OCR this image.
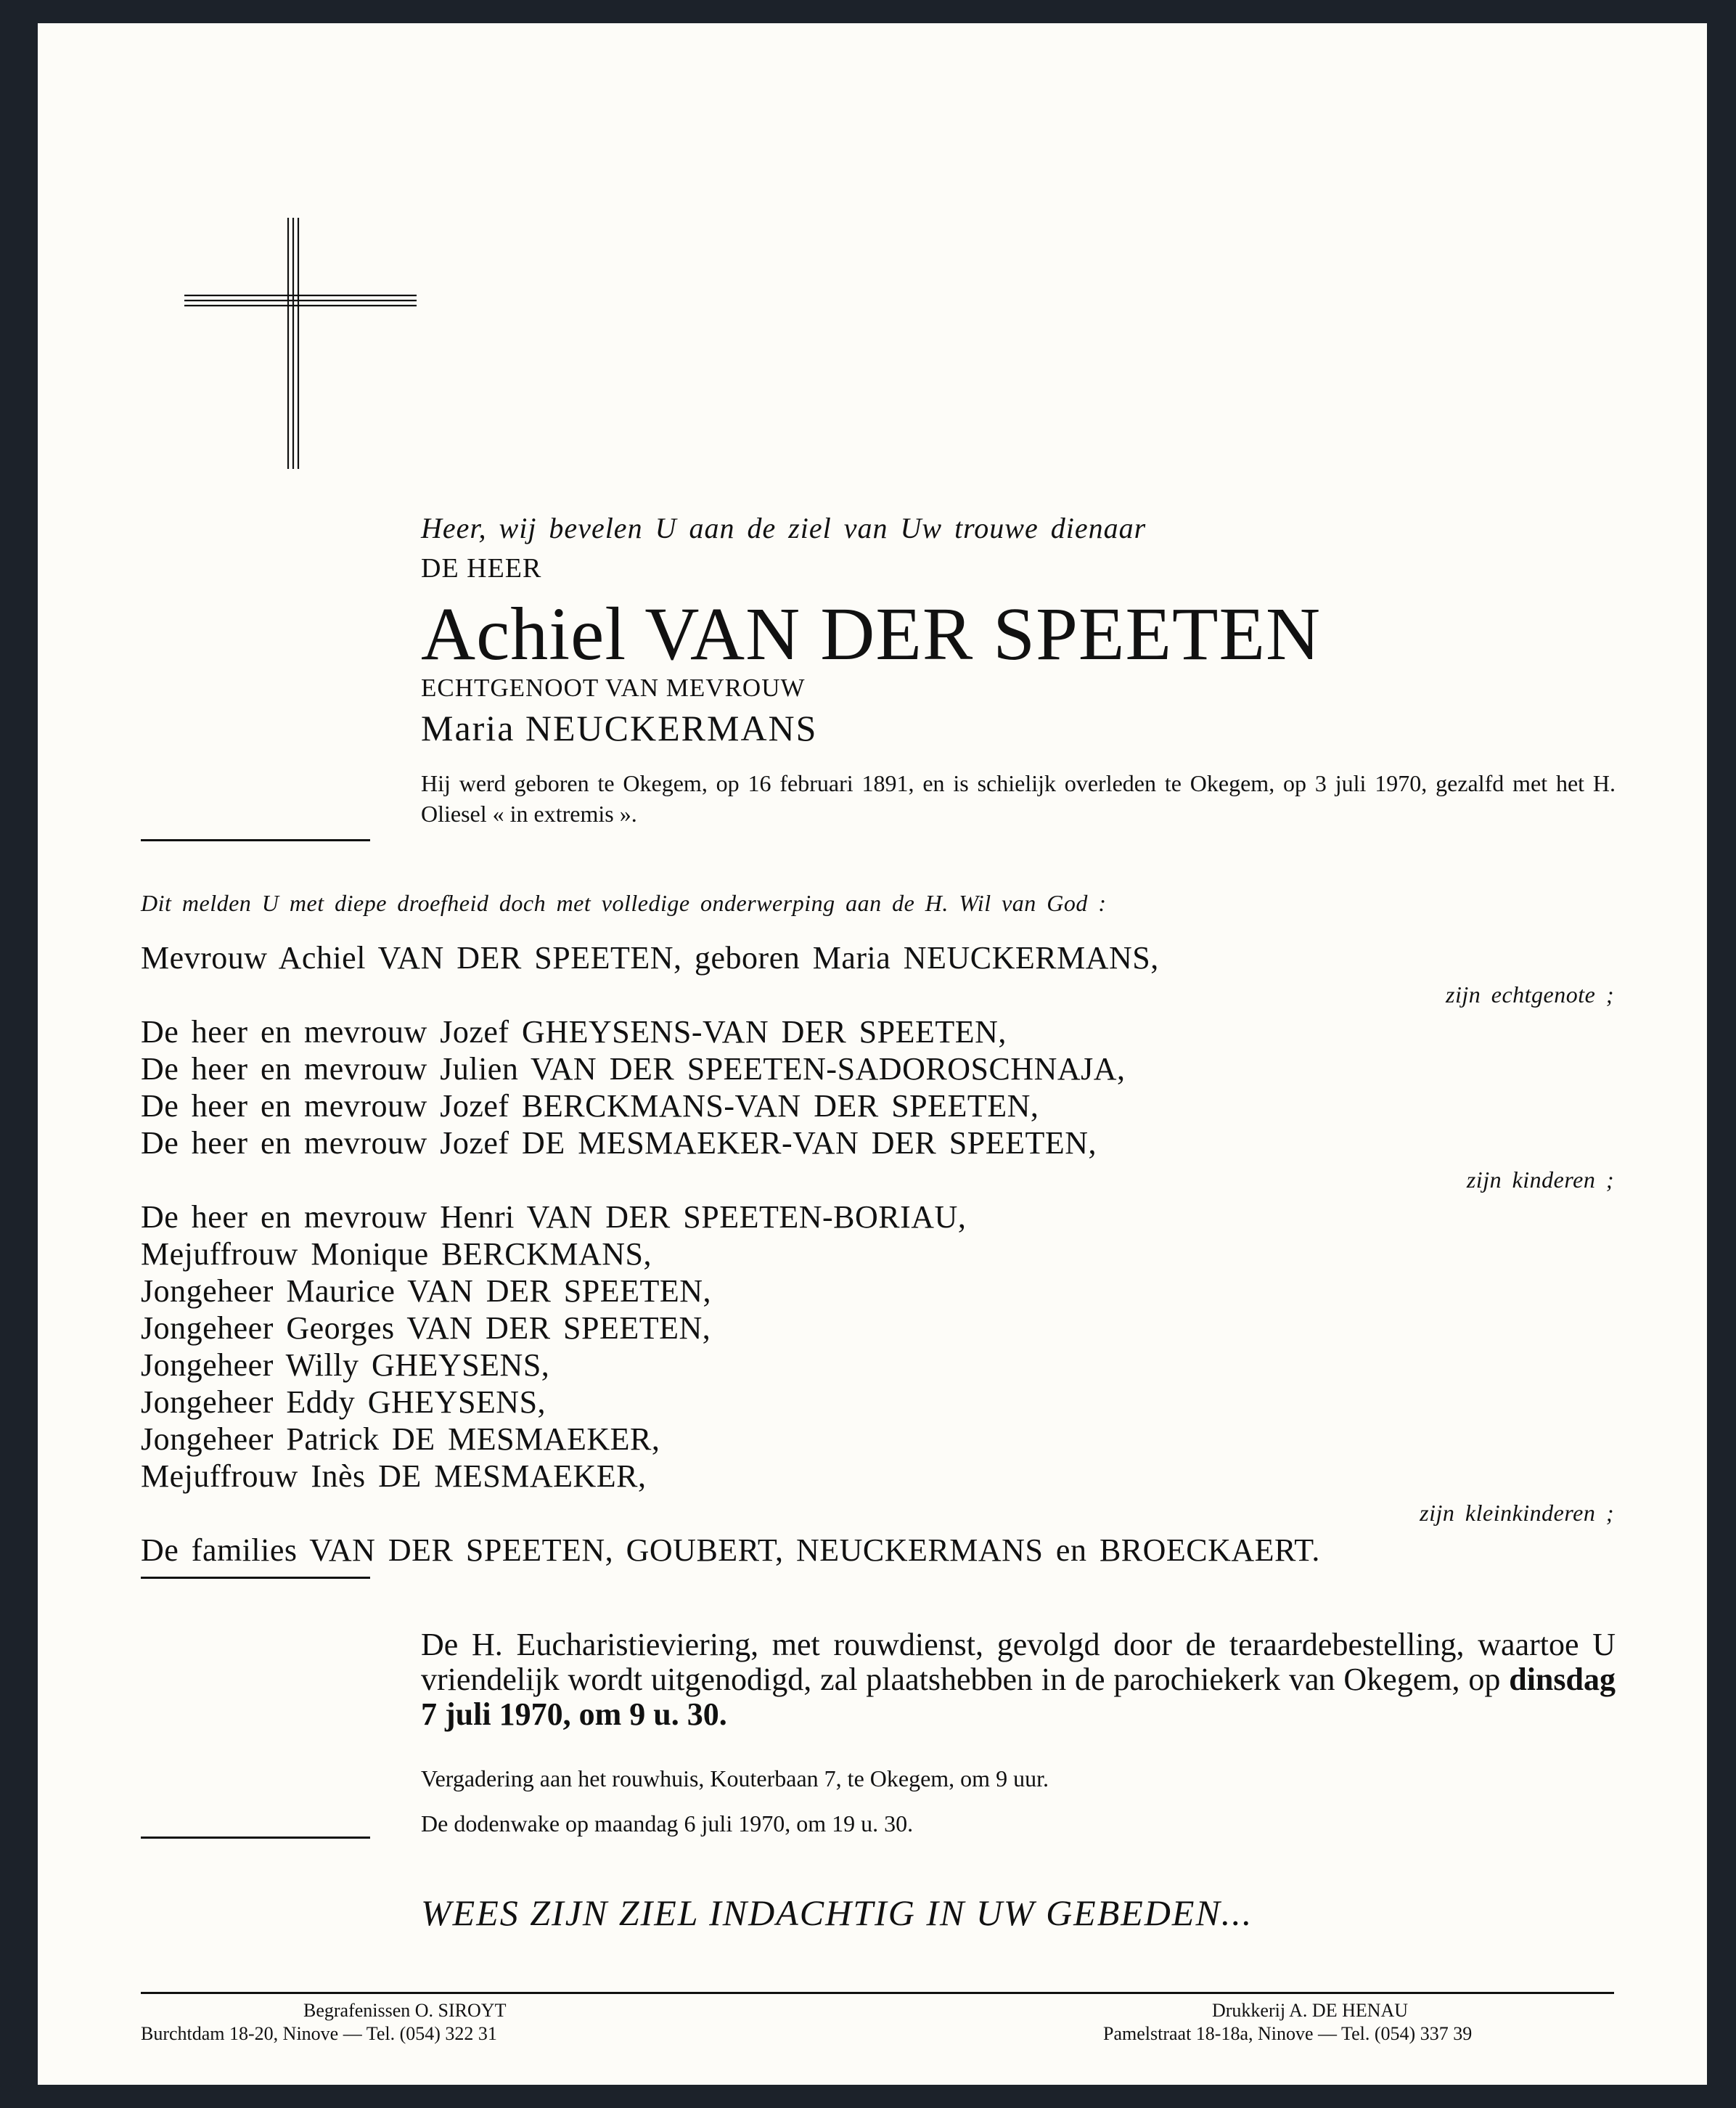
Heer, wij bevelen U aan de ziel van Uw trouwe dienaar
DE HEER
Achiel VAN DER SPEETEN
ECHTGENOOT VAN MEVROUW
Maria NEUCKERMANS
Hij werd geboren te Okegem, op 16 februari 1891, en is schielijk overleden te Okegem, op 3 juli 1970, gezalfd met het H. Oliesel « in extremis ».
Dit melden U met diepe droefheid doch met volledige onderwerping aan de H. Wil van God :
Mevrouw Achiel VAN DER SPEETEN, geboren Maria NEUCKERMANS,
zijn echtgenote ;
De heer en mevrouw Jozef GHEYSENS-VAN DER SPEETEN,
De heer en mevrouw Julien VAN DER SPEETEN-SADOROSCHNAJA,
De heer en mevrouw Jozef BERCKMANS-VAN DER SPEETEN,
De heer en mevrouw Jozef DE MESMAEKER-VAN DER SPEETEN,
zijn kinderen ;
De heer en mevrouw Henri VAN DER SPEETEN-BORIAU,
Mejuffrouw Monique BERCKMANS,
Jongeheer Maurice VAN DER SPEETEN,
Jongeheer Georges VAN DER SPEETEN,
Jongeheer Willy GHEYSENS,
Jongeheer Eddy GHEYSENS,
Jongeheer Patrick DE MESMAEKER,
Mejuffrouw Inès DE MESMAEKER,
zijn kleinkinderen ;
De families VAN DER SPEETEN, GOUBERT, NEUCKERMANS en BROECKAERT.
De H. Eucharistieviering, met rouwdienst, gevolgd door de teraardebestelling, waartoe U vriendelijk wordt uitgenodigd, zal plaatshebben in de parochiekerk van Okegem, op dinsdag 7 juli 1970, om 9 u. 30.
Vergadering aan het rouwhuis, Kouterbaan 7, te Okegem, om 9 uur.
De dodenwake op maandag 6 juli 1970, om 19 u. 30.
WEES ZIJN ZIEL INDACHTIG IN UW GEBEDEN...
Begrafenissen O. SIROYT
Burchtdam 18-20, Ninove — Tel. (054) 322 31
Drukkerij A. DE HENAU
Pamelstraat 18-18a, Ninove — Tel. (054) 337 39
